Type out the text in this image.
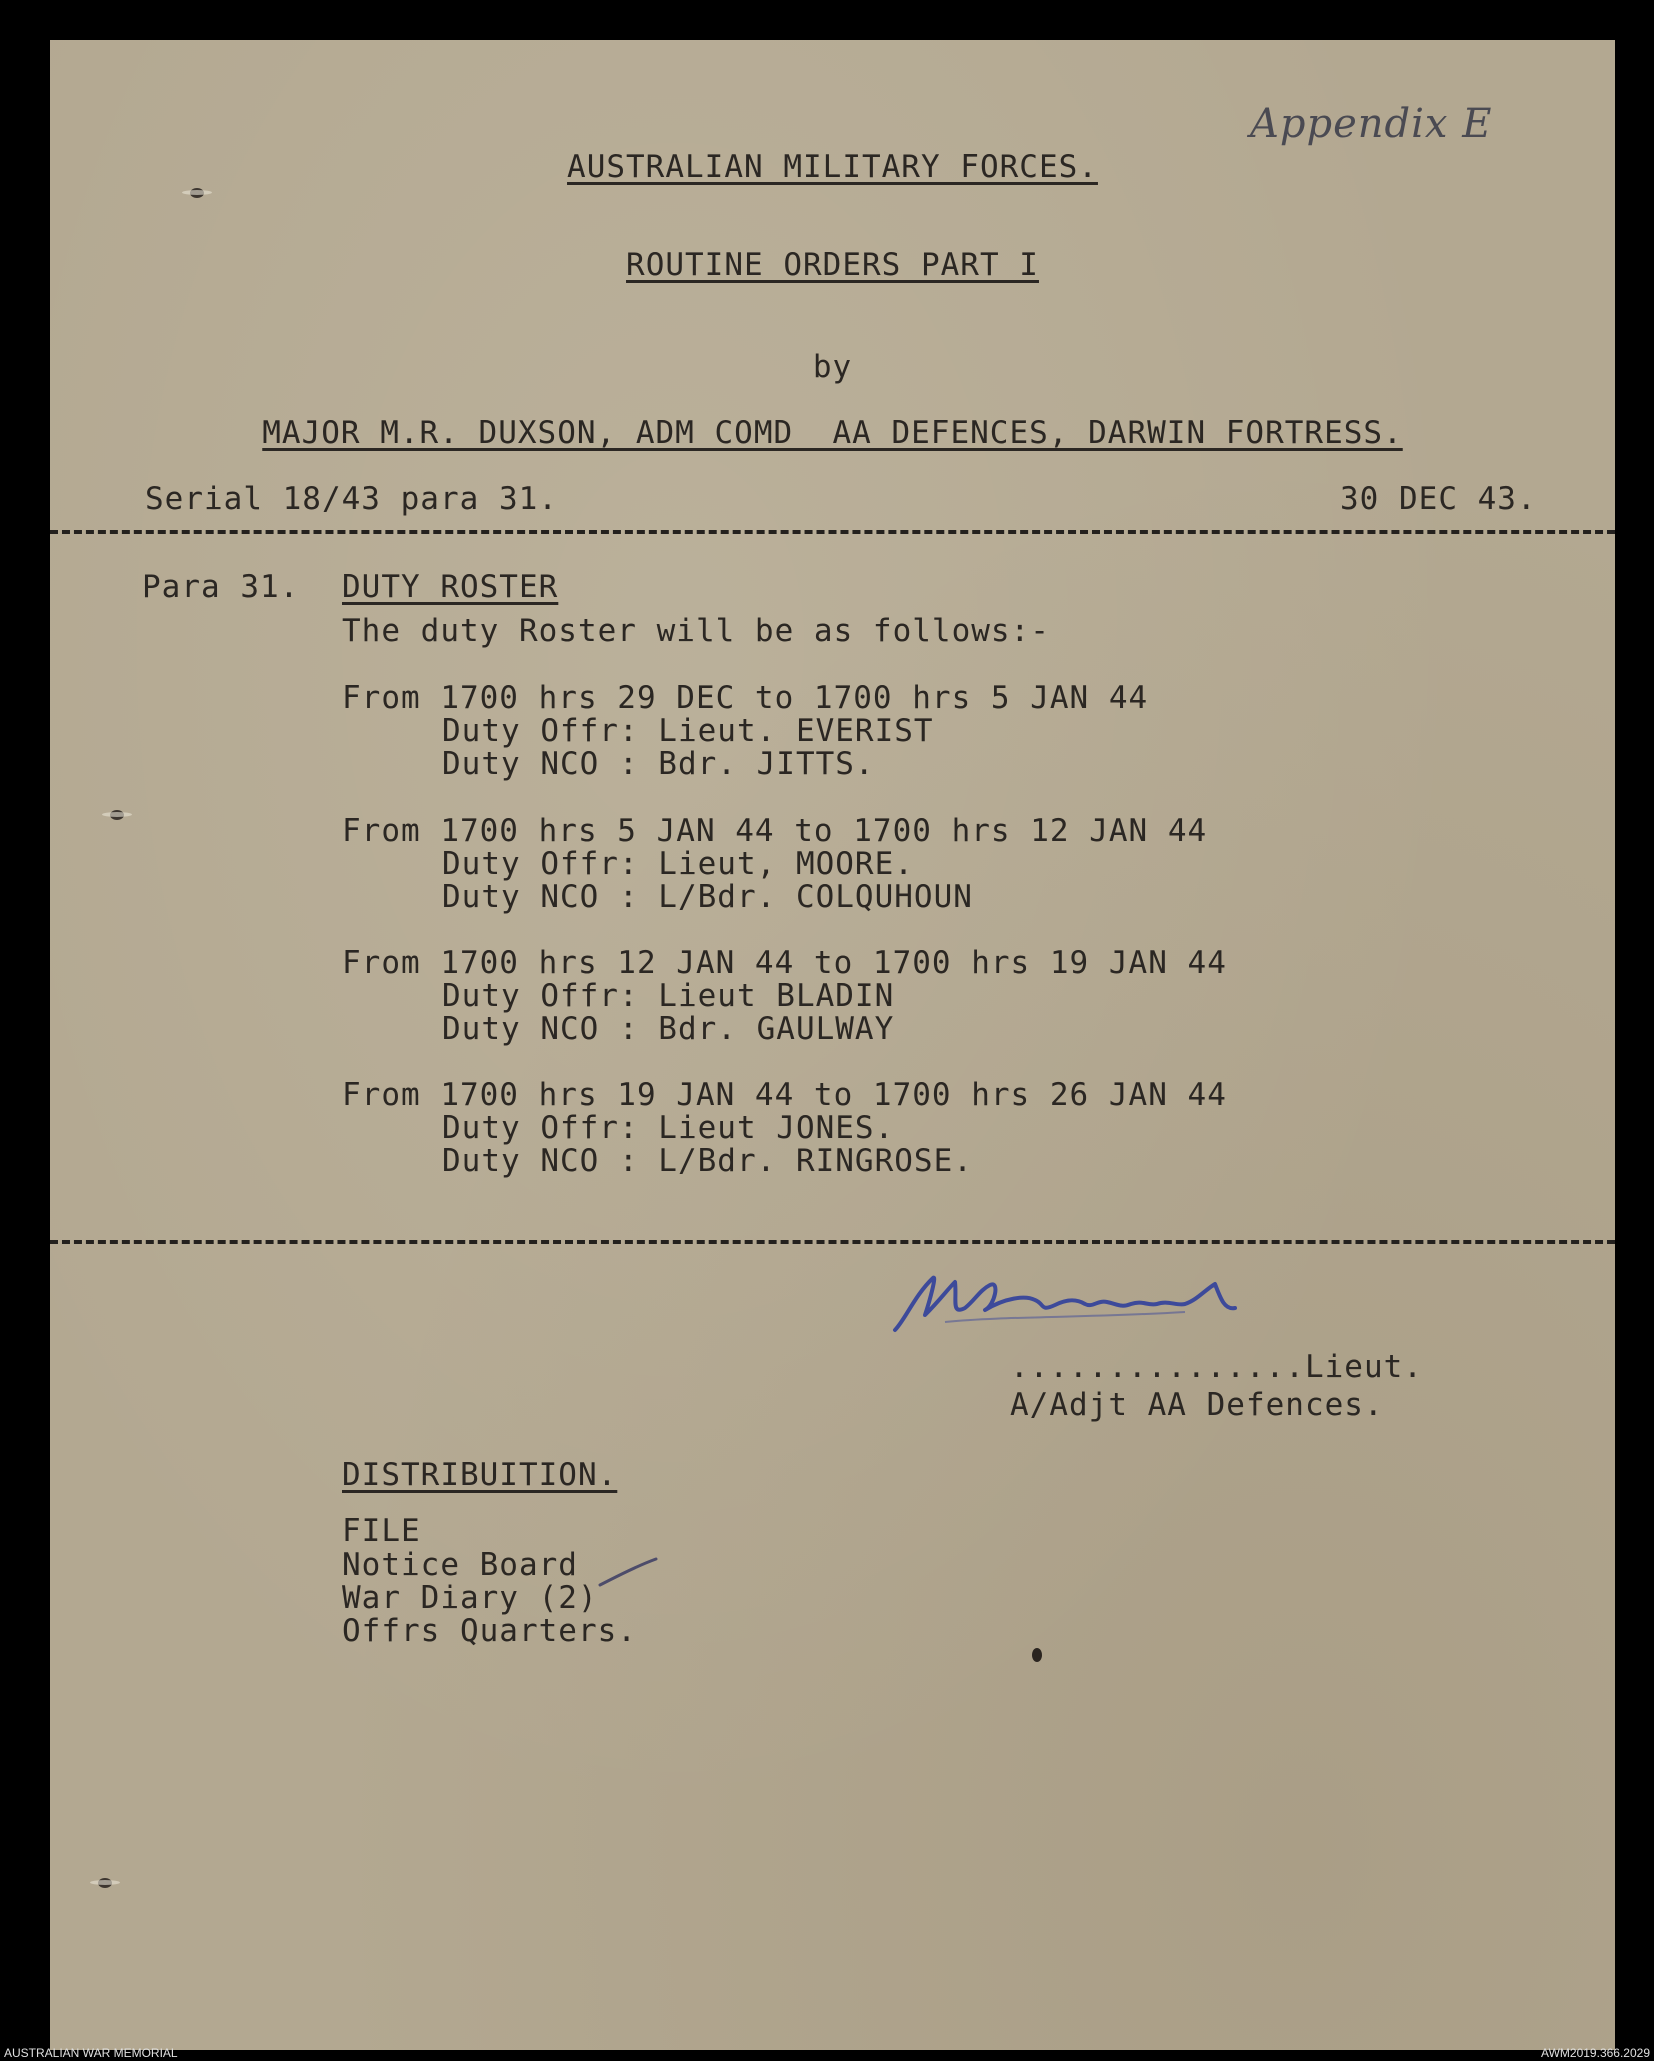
Appendix E
AUSTRALIAN MILITARY FORCES.
ROUTINE ORDERS PART I
by
MAJOR M.R. DUXSON, ADM COMD  AA DEFENCES, DARWIN FORTRESS.
Serial 18/43 para 31.	30 DEC 43.
Para 31. DUTY ROSTER
The duty Roster will be as follows:-
From 1700 hrs 29 DEC to 1700 hrs 5 JAN 44
Duty Offr: Lieut. EVERIST
Duty NCO : Bdr. JITTS.
From 1700 hrs 5 JAN 44 to 1700 hrs 12 JAN 44
Duty Offr: Lieut, MOORE.
Duty NCO : L/Bdr. COLQUHOUN
From 1700 hrs 12 JAN 44 to 1700 hrs 19 JAN 44
Duty Offr: Lieut BLADIN
Duty NCO : Bdr. GAULWAY
From 1700 hrs 19 JAN 44 to 1700 hrs 26 JAN 44
Duty Offr: Lieut JONES.
Duty NCO : L/Bdr. RINGROSE.
...............Lieut.
A/Adjt AA Defences.
DISTRIBUITION.
FILE
Notice Board
War Diary (2)
Offrs Quarters.
AUSTRALIAN WAR MEMORIAL	AWM2019.366.2029
